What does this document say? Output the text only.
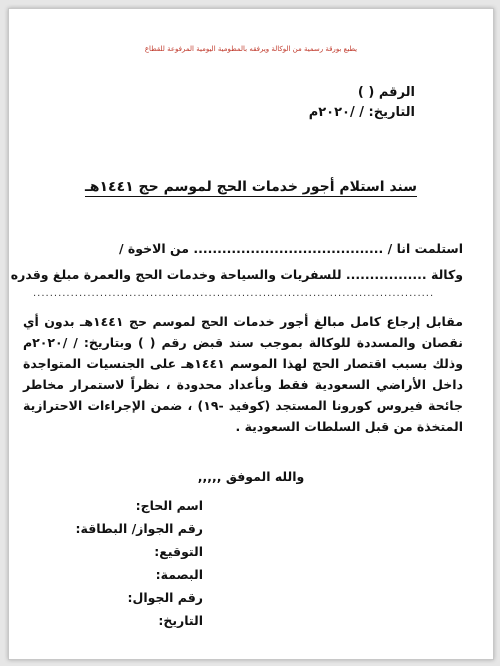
يطبع بورقة رسمية من الوكالة ويرفقه بالمطومية اليومية المرفوعة للقطاع
الرقم ( )
التاريخ: / /٢٠٢٠م
سند استلام أجور خدمات الحج لموسم حج ١٤٤١هـ
استلمت انا / ........................................ من الاخوة /
وكالة ................. للسفريات والسياحة وخدمات الحج والعمرة مبلغ وقدره
................................................................................................
مقابل إرجاع كامل مبالغ أجور خدمات الحج لموسم حج ١٤٤١هـ بدون أي نقصان والمسددة للوكالة بموجب سند قبض رقم ( ) وبتاريخ: / /٢٠٢٠م وذلك بسبب اقتصار الحج لهذا الموسم ١٤٤١هـ على الجنسيات المتواجدة داخل الأراضي السعودية فقط وبأعداد محدودة ، نظراً لاستمرار مخاطر جائحة فيروس كورونا المستجد (كوفيد -١٩) ، ضمن الإجراءات الاحترازية المتخذة من قبل السلطات السعودية .
والله الموفق ,,,,,
اسم الحاج:
رقم الجواز/ البطاقة:
التوقيع:
البصمة:
رقم الجوال:
التاريخ:
